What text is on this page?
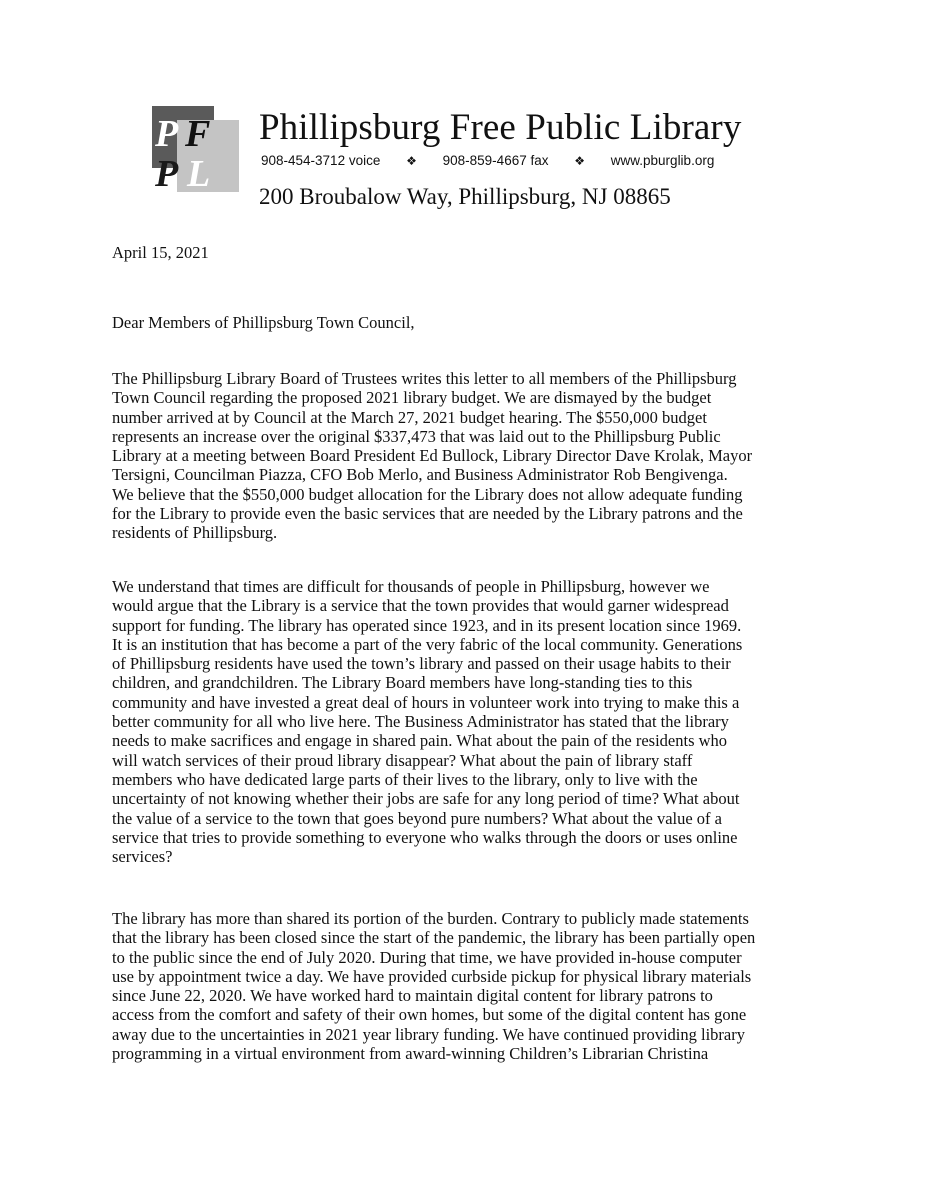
P F
P L
Phillipsburg Free Public Library
908-454-3712 voice ❖ 908-859-4667 fax ❖ www.pburglib.org
200 Broubalow Way, Phillipsburg, NJ 08865
April 15, 2021
Dear Members of Phillipsburg Town Council,

The Phillipsburg Library Board of Trustees writes this letter to all members of the Phillipsburg
Town Council regarding the proposed 2021 library budget. We are dismayed by the budget
number arrived at by Council at the March 27, 2021 budget hearing. The $550,000 budget
represents an increase over the original $337,473 that was laid out to the Phillipsburg Public
Library at a meeting between Board President Ed Bullock, Library Director Dave Krolak, Mayor
Tersigni, Councilman Piazza, CFO Bob Merlo, and Business Administrator Rob Bengivenga.
We believe that the $550,000 budget allocation for the Library does not allow adequate funding
for the Library to provide even the basic services that are needed by the Library patrons and the
residents of Phillipsburg.

We understand that times are difficult for thousands of people in Phillipsburg, however we
would argue that the Library is a service that the town provides that would garner widespread
support for funding. The library has operated since 1923, and in its present location since 1969.
It is an institution that has become a part of the very fabric of the local community. Generations
of Phillipsburg residents have used the town’s library and passed on their usage habits to their
children, and grandchildren. The Library Board members have long-standing ties to this
community and have invested a great deal of hours in volunteer work into trying to make this a
better community for all who live here. The Business Administrator has stated that the library
needs to make sacrifices and engage in shared pain. What about the pain of the residents who
will watch services of their proud library disappear? What about the pain of library staff
members who have dedicated large parts of their lives to the library, only to live with the
uncertainty of not knowing whether their jobs are safe for any long period of time? What about
the value of a service to the town that goes beyond pure numbers? What about the value of a
service that tries to provide something to everyone who walks through the doors or uses online
services?

The library has more than shared its portion of the burden. Contrary to publicly made statements
that the library has been closed since the start of the pandemic, the library has been partially open
to the public since the end of July 2020. During that time, we have provided in-house computer
use by appointment twice a day. We have provided curbside pickup for physical library materials
since June 22, 2020. We have worked hard to maintain digital content for library patrons to
access from the comfort and safety of their own homes, but some of the digital content has gone
away due to the uncertainties in 2021 year library funding. We have continued providing library
programming in a virtual environment from award-winning Children’s Librarian Christina
